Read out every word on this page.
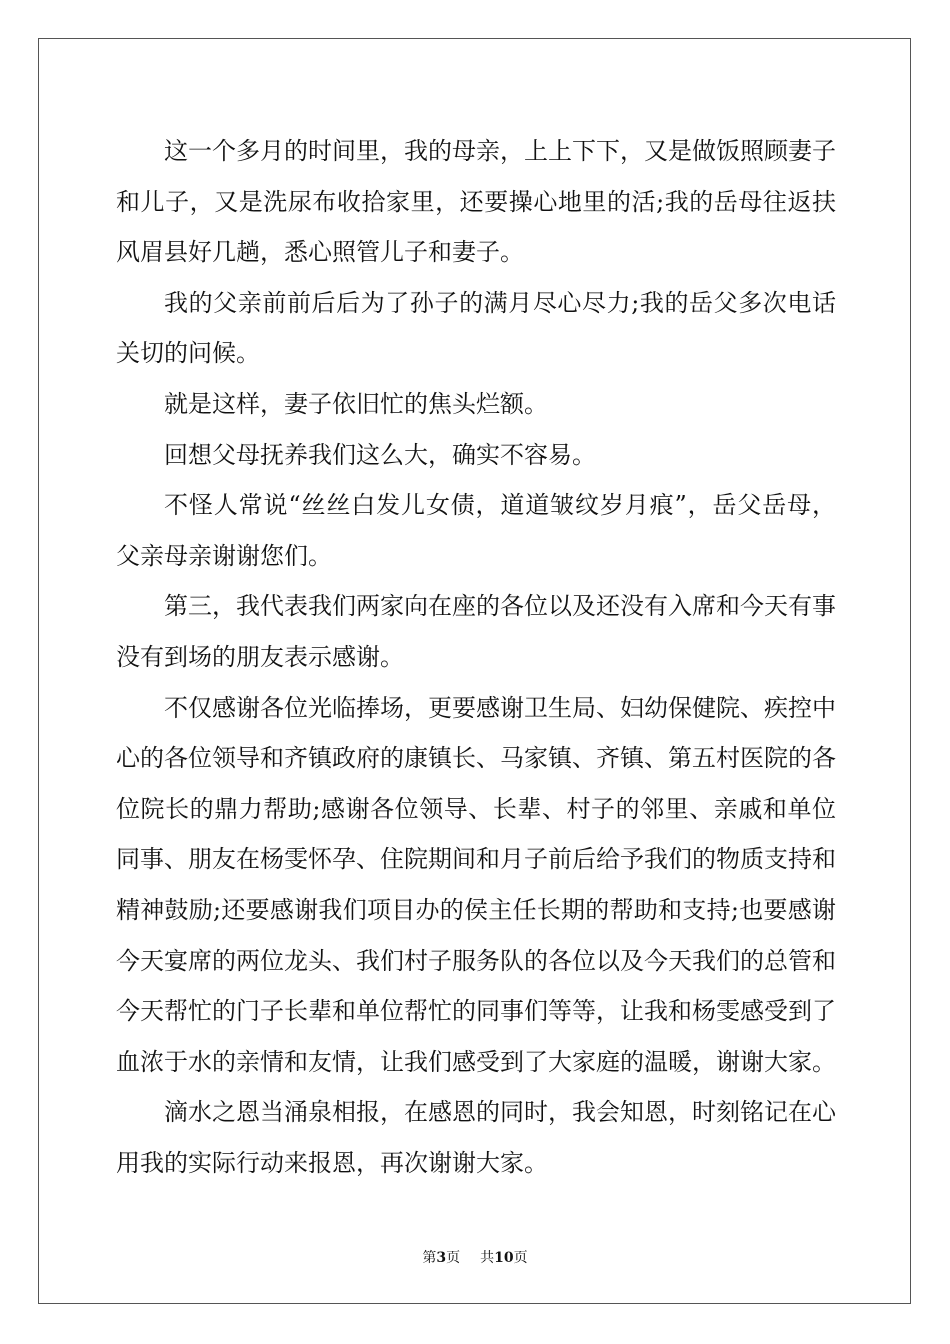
这一个多月的时间里，我的母亲，上上下下，又是做饭照顾妻子和儿子，又是洗尿布收拾家里，还要操心地里的活;我的岳母往返扶风眉县好几趟，悉心照管儿子和妻子。

我的父亲前前后后为了孙子的满月尽心尽力;我的岳父多次电话关切的问候。

就是这样，妻子依旧忙的焦头烂额。

回想父母抚养我们这么大，确实不容易。

不怪人常说“丝丝白发儿女债，道道皱纹岁月痕”，岳父岳母，父亲母亲谢谢您们。

第三，我代表我们两家向在座的各位以及还没有入席和今天有事没有到场的朋友表示感谢。

不仅感谢各位光临捧场，更要感谢卫生局、妇幼保健院、疾控中心的各位领导和齐镇政府的康镇长、马家镇、齐镇、第五村医院的各位院长的鼎力帮助;感谢各位领导、长辈、村子的邻里、亲戚和单位同事、朋友在杨雯怀孕、住院期间和月子前后给予我们的物质支持和精神鼓励;还要感谢我们项目办的侯主任长期的帮助和支持;也要感谢今天宴席的两位龙头、我们村子服务队的各位以及今天我们的总管和今天帮忙的门子长辈和单位帮忙的同事们等等，让我和杨雯感受到了血浓于水的亲情和友情，让我们感受到了大家庭的温暖，谢谢大家。

滴水之恩当涌泉相报，在感恩的同时，我会知恩，时刻铭记在心用我的实际行动来报恩，再次谢谢大家。

第3页 共10页
